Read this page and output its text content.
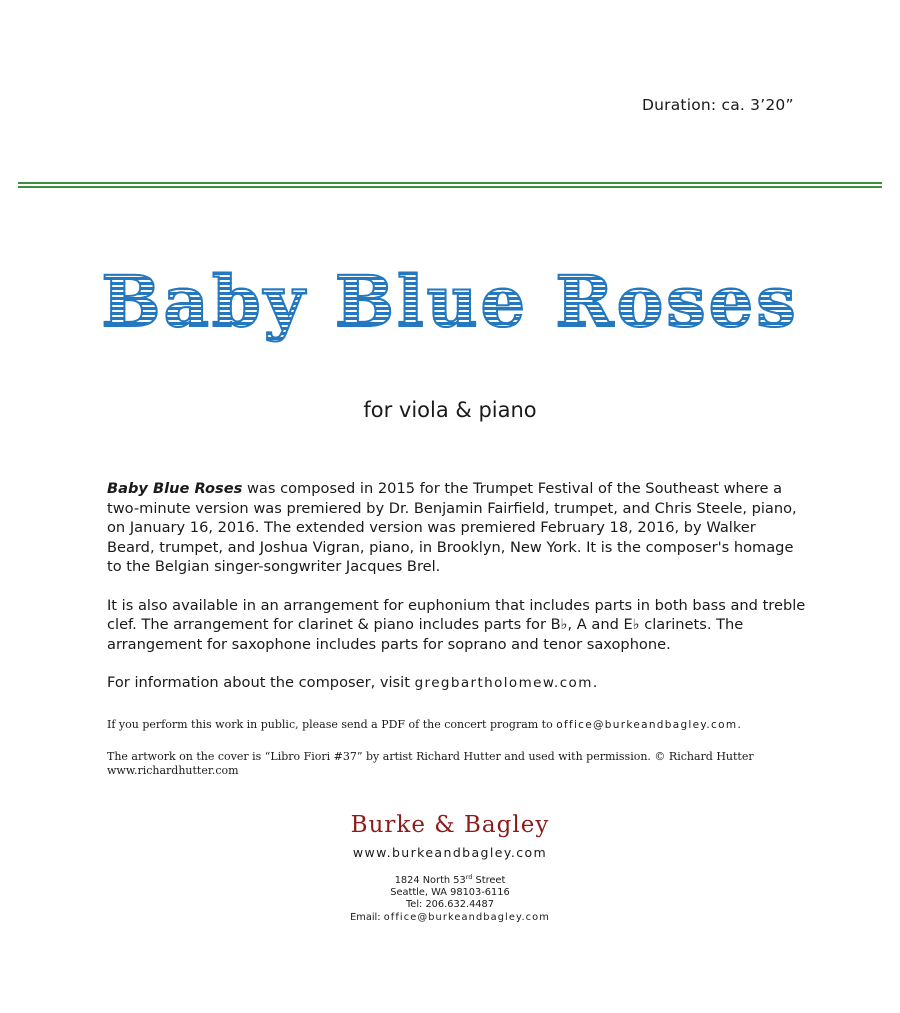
Duration: ca. 3’20”
Baby Blue Roses
for viola & piano

Baby Blue Roses was composed in 2015 for the Trumpet Festival of the Southeast where a two-minute version was premiered by Dr. Benjamin Fairfield, trumpet, and Chris Steele, piano, on January 16, 2016. The extended version was premiered February 18, 2016, by Walker Beard, trumpet, and Joshua Vigran, piano, in Brooklyn, New York. It is the composer's homage to the Belgian singer-songwriter Jacques Brel.

It is also available in an arrangement for euphonium that includes parts in both bass and treble clef. The arrangement for clarinet & piano includes parts for B♭, A and E♭ clarinets. The arrangement for saxophone includes parts for soprano and tenor saxophone.

For information about the composer, visit gregbartholomew.com.

If you perform this work in public, please send a PDF of the concert program to office@burkeandbagley.com.
The artwork on the cover is “Libro Fiori #37” by artist Richard Hutter and used with permission. © Richard Hutter www.richardhutter.com
Burke & Bagley
www.burkeandbagley.com
1824 North 53rd Street
Seattle, WA 98103-6116
Tel: 206.632.4487
Email: office@burkeandbagley.com
